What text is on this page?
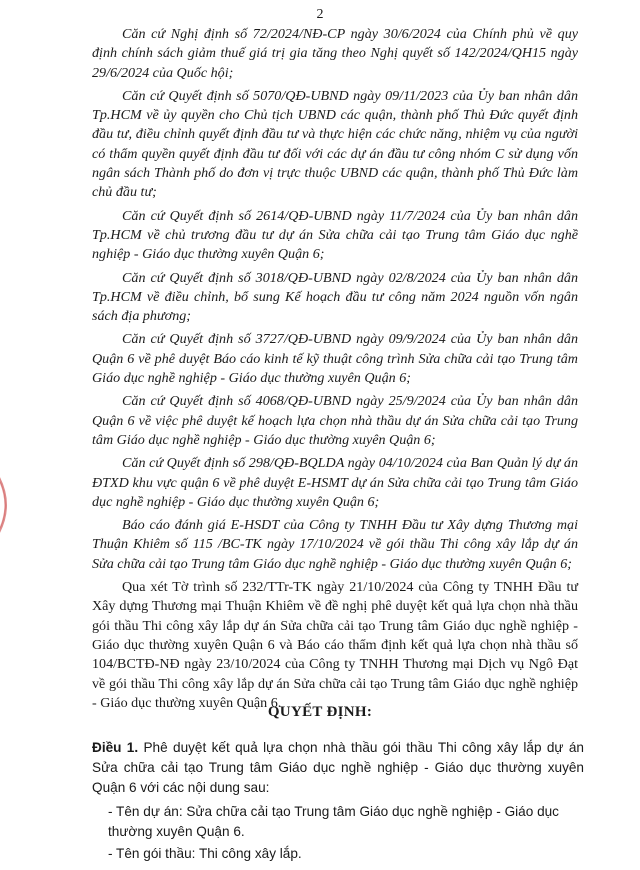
2

Căn cứ Nghị định số 72/2024/NĐ-CP ngày 30/6/2024 của Chính phủ về quy định chính sách giảm thuế giá trị gia tăng theo Nghị quyết số 142/2024/QH15 ngày 29/6/2024 của Quốc hội;

Căn cứ Quyết định số 5070/QĐ-UBND ngày 09/11/2023 của Ủy ban nhân dân Tp.HCM về ủy quyền cho Chủ tịch UBND các quận, thành phố Thủ Đức quyết định đầu tư, điều chỉnh quyết định đầu tư và thực hiện các chức năng, nhiệm vụ của người có thẩm quyền quyết định đầu tư đối với các dự án đầu tư công nhóm C sử dụng vốn ngân sách Thành phố do đơn vị trực thuộc UBND các quận, thành phố Thủ Đức làm chủ đầu tư;

Căn cứ Quyết định số 2614/QĐ-UBND ngày 11/7/2024 của Ủy ban nhân dân Tp.HCM về chủ trương đầu tư dự án Sửa chữa cải tạo Trung tâm Giáo dục nghề nghiệp - Giáo dục thường xuyên Quận 6;

Căn cứ Quyết định số 3018/QĐ-UBND ngày 02/8/2024 của Ủy ban nhân dân Tp.HCM về điều chỉnh, bổ sung Kế hoạch đầu tư công năm 2024 nguồn vốn ngân sách địa phương;

Căn cứ Quyết định số 3727/QĐ-UBND ngày 09/9/2024 của Ủy ban nhân dân Quận 6 về phê duyệt Báo cáo kinh tế kỹ thuật công trình Sửa chữa cải tạo Trung tâm Giáo dục nghề nghiệp - Giáo dục thường xuyên Quận 6;

Căn cứ Quyết định số 4068/QĐ-UBND ngày 25/9/2024 của Ủy ban nhân dân Quận 6 về việc phê duyệt kế hoạch lựa chọn nhà thầu dự án Sửa chữa cải tạo Trung tâm Giáo dục nghề nghiệp - Giáo dục thường xuyên Quận 6;

Căn cứ Quyết định số 298/QĐ-BQLDA ngày 04/10/2024 của Ban Quản lý dự án ĐTXD khu vực quận 6 về phê duyệt E-HSMT dự án Sửa chữa cải tạo Trung tâm Giáo dục nghề nghiệp - Giáo dục thường xuyên Quận 6;

Báo cáo đánh giá E-HSDT của Công ty TNHH Đầu tư Xây dựng Thương mại Thuận Khiêm số 115 /BC-TK ngày 17/10/2024 về gói thầu Thi công xây lắp dự án Sửa chữa cải tạo Trung tâm Giáo dục nghề nghiệp - Giáo dục thường xuyên Quận 6;

Qua xét Tờ trình số 232/TTr-TK ngày 21/10/2024 của Công ty TNHH Đầu tư Xây dựng Thương mại Thuận Khiêm về đề nghị phê duyệt kết quả lựa chọn nhà thầu gói thầu Thi công xây lắp dự án Sửa chữa cải tạo Trung tâm Giáo dục nghề nghiệp - Giáo dục thường xuyên Quận 6 và Báo cáo thẩm định kết quả lựa chọn nhà thầu số 104/BCTĐ-NĐ ngày 23/10/2024 của Công ty TNHH Thương mại Dịch vụ Ngô Đạt về gói thầu Thi công xây lắp dự án Sửa chữa cải tạo Trung tâm Giáo dục nghề nghiệp - Giáo dục thường xuyên Quận 6.

QUYẾT ĐỊNH:
Điều 1. Phê duyệt kết quả lựa chọn nhà thầu gói thầu Thi công xây lắp dự án Sửa chữa cải tạo Trung tâm Giáo dục nghề nghiệp - Giáo dục thường xuyên Quận 6 với các nội dung sau:
- Tên dự án: Sửa chữa cải tạo Trung tâm Giáo dục nghề nghiệp - Giáo dục thường xuyên Quận 6.
- Tên gói thầu: Thi công xây lắp.
